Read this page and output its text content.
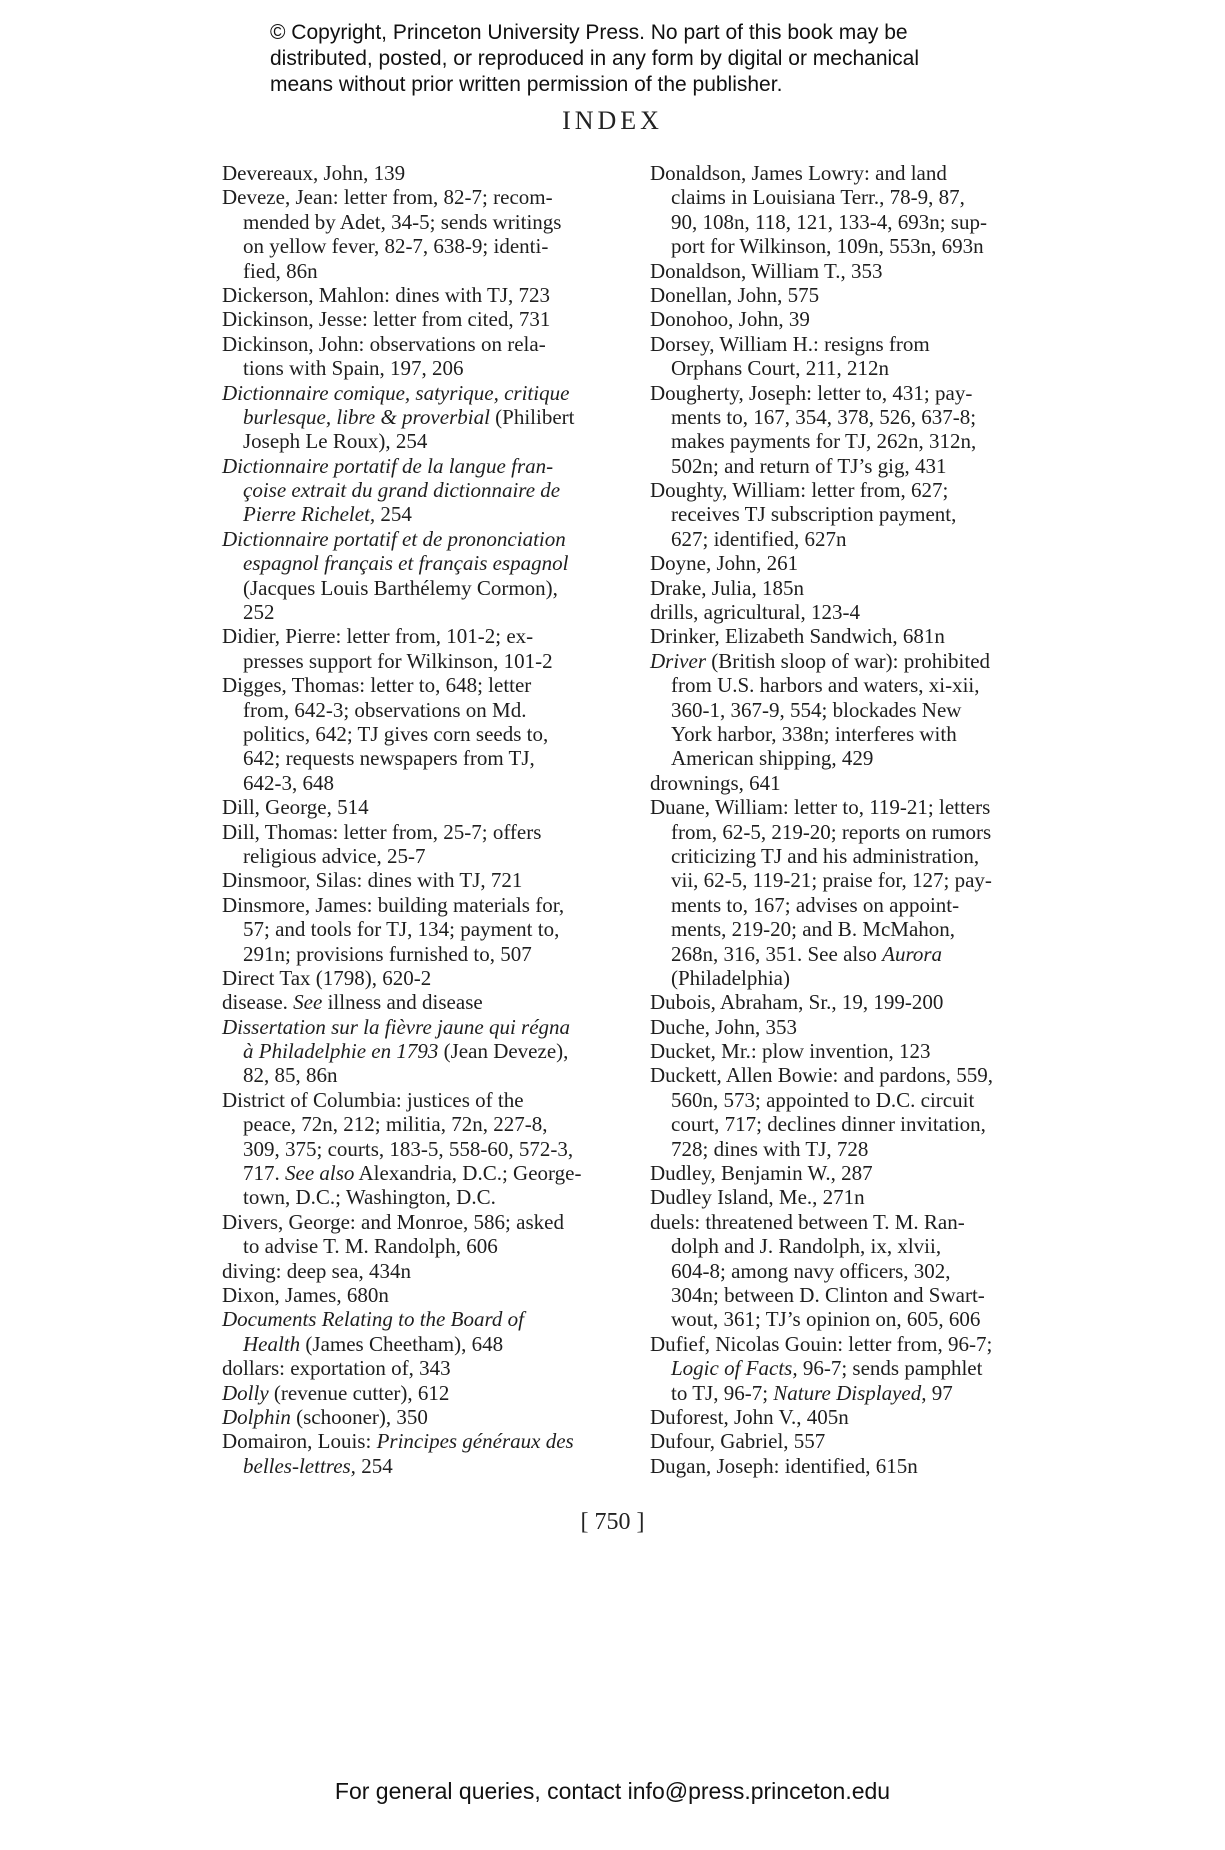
© Copyright, Princeton University Press. No part of this book may be
distributed, posted, or reproduced in any form by digital or mechanical
means without prior written permission of the publisher.
INDEX
Devereaux, John, 139
Deveze, Jean: letter from, 82-7; recom-
mended by Adet, 34-5; sends writings
on yellow fever, 82-7, 638-9; identi-
fied, 86n
Dickerson, Mahlon: dines with TJ, 723
Dickinson, Jesse: letter from cited, 731
Dickinson, John: observations on rela-
tions with Spain, 197, 206
Dictionnaire comique, satyrique, critique
burlesque, libre & proverbial (Philibert
Joseph Le Roux), 254
Dictionnaire portatif de la langue fran-
çoise extrait du grand dictionnaire de
Pierre Richelet, 254
Dictionnaire portatif et de prononciation
espagnol français et français espagnol
(Jacques Louis Barthélemy Cormon),
252
Didier, Pierre: letter from, 101-2; ex-
presses support for Wilkinson, 101-2
Digges, Thomas: letter to, 648; letter
from, 642-3; observations on Md.
politics, 642; TJ gives corn seeds to,
642; requests newspapers from TJ,
642-3, 648
Dill, George, 514
Dill, Thomas: letter from, 25-7; offers
religious advice, 25-7
Dinsmoor, Silas: dines with TJ, 721
Dinsmore, James: building materials for,
57; and tools for TJ, 134; payment to,
291n; provisions furnished to, 507
Direct Tax (1798), 620-2
disease. See illness and disease
Dissertation sur la fièvre jaune qui régna
à Philadelphie en 1793 (Jean Deveze),
82, 85, 86n
District of Columbia: justices of the
peace, 72n, 212; militia, 72n, 227-8,
309, 375; courts, 183-5, 558-60, 572-3,
717. See also Alexandria, D.C.; George-
town, D.C.; Washington, D.C.
Divers, George: and Monroe, 586; asked
to advise T. M. Randolph, 606
diving: deep sea, 434n
Dixon, James, 680n
Documents Relating to the Board of
Health (James Cheetham), 648
dollars: exportation of, 343
Dolly (revenue cutter), 612
Dolphin (schooner), 350
Domairon, Louis: Principes généraux des
belles-lettres, 254
Donaldson, James Lowry: and land
claims in Louisiana Terr., 78-9, 87,
90, 108n, 118, 121, 133-4, 693n; sup-
port for Wilkinson, 109n, 553n, 693n
Donaldson, William T., 353
Donellan, John, 575
Donohoo, John, 39
Dorsey, William H.: resigns from
Orphans Court, 211, 212n
Dougherty, Joseph: letter to, 431; pay-
ments to, 167, 354, 378, 526, 637-8;
makes payments for TJ, 262n, 312n,
502n; and return of TJ’s gig, 431
Doughty, William: letter from, 627;
receives TJ subscription payment,
627; identified, 627n
Doyne, John, 261
Drake, Julia, 185n
drills, agricultural, 123-4
Drinker, Elizabeth Sandwich, 681n
Driver (British sloop of war): prohibited
from U.S. harbors and waters, xi-xii,
360-1, 367-9, 554; blockades New
York harbor, 338n; interferes with
American shipping, 429
drownings, 641
Duane, William: letter to, 119-21; letters
from, 62-5, 219-20; reports on rumors
criticizing TJ and his administration,
vii, 62-5, 119-21; praise for, 127; pay-
ments to, 167; advises on appoint-
ments, 219-20; and B. McMahon,
268n, 316, 351. See also Aurora
(Philadelphia)
Dubois, Abraham, Sr., 19, 199-200
Duche, John, 353
Ducket, Mr.: plow invention, 123
Duckett, Allen Bowie: and pardons, 559,
560n, 573; appointed to D.C. circuit
court, 717; declines dinner invitation,
728; dines with TJ, 728
Dudley, Benjamin W., 287
Dudley Island, Me., 271n
duels: threatened between T. M. Ran-
dolph and J. Randolph, ix, xlvii,
604-8; among navy officers, 302,
304n; between D. Clinton and Swart-
wout, 361; TJ’s opinion on, 605, 606
Dufief, Nicolas Gouin: letter from, 96-7;
Logic of Facts, 96-7; sends pamphlet
to TJ, 96-7; Nature Displayed, 97
Duforest, John V., 405n
Dufour, Gabriel, 557
Dugan, Joseph: identified, 615n
[ 750 ]
For general queries, contact info@press.princeton.edu
